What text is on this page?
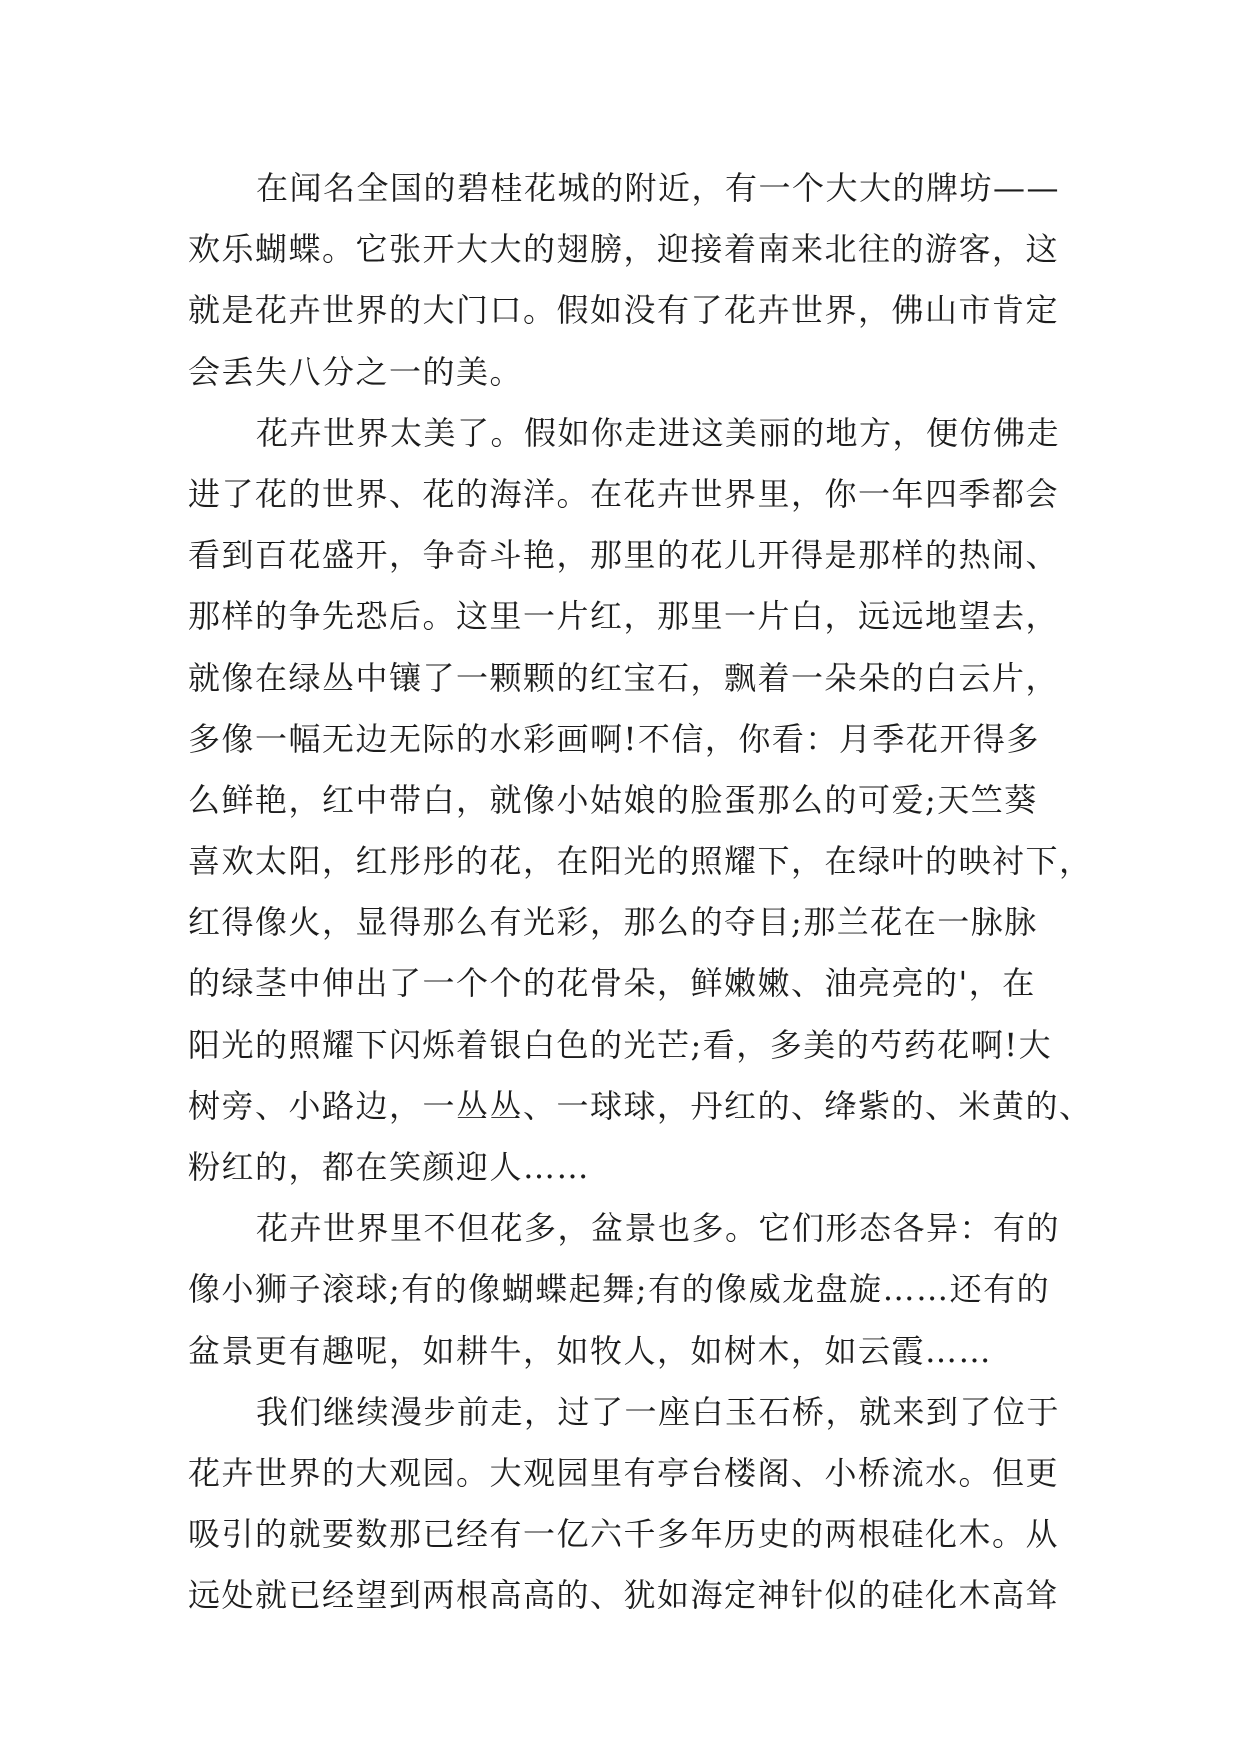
在闻名全国的碧桂花城的附近，有一个大大的牌坊——
欢乐蝴蝶。它张开大大的翅膀，迎接着南来北往的游客，这
就是花卉世界的大门口。假如没有了花卉世界，佛山市肯定
会丢失八分之一的美。
花卉世界太美了。假如你走进这美丽的地方，便仿佛走
进了花的世界、花的海洋。在花卉世界里，你一年四季都会
看到百花盛开，争奇斗艳，那里的花儿开得是那样的热闹、
那样的争先恐后。这里一片红，那里一片白，远远地望去，
就像在绿丛中镶了一颗颗的红宝石，飘着一朵朵的白云片，
多像一幅无边无际的水彩画啊!不信，你看：月季花开得多
么鲜艳，红中带白，就像小姑娘的脸蛋那么的可爱;天竺葵
喜欢太阳，红彤彤的花，在阳光的照耀下，在绿叶的映衬下，
红得像火，显得那么有光彩，那么的夺目;那兰花在一脉脉
的绿茎中伸出了一个个的花骨朵，鲜嫩嫩、油亮亮的'，在
阳光的照耀下闪烁着银白色的光芒;看，多美的芍药花啊!大
树旁、小路边，一丛丛、一球球，丹红的、绛紫的、米黄的、
粉红的，都在笑颜迎人……
花卉世界里不但花多，盆景也多。它们形态各异：有的
像小狮子滚球;有的像蝴蝶起舞;有的像威龙盘旋……还有的
盆景更有趣呢，如耕牛，如牧人，如树木，如云霞……
我们继续漫步前走，过了一座白玉石桥，就来到了位于
花卉世界的大观园。大观园里有亭台楼阁、小桥流水。但更
吸引的就要数那已经有一亿六千多年历史的两根硅化木。从
远处就已经望到两根高高的、犹如海定神针似的硅化木高耸
